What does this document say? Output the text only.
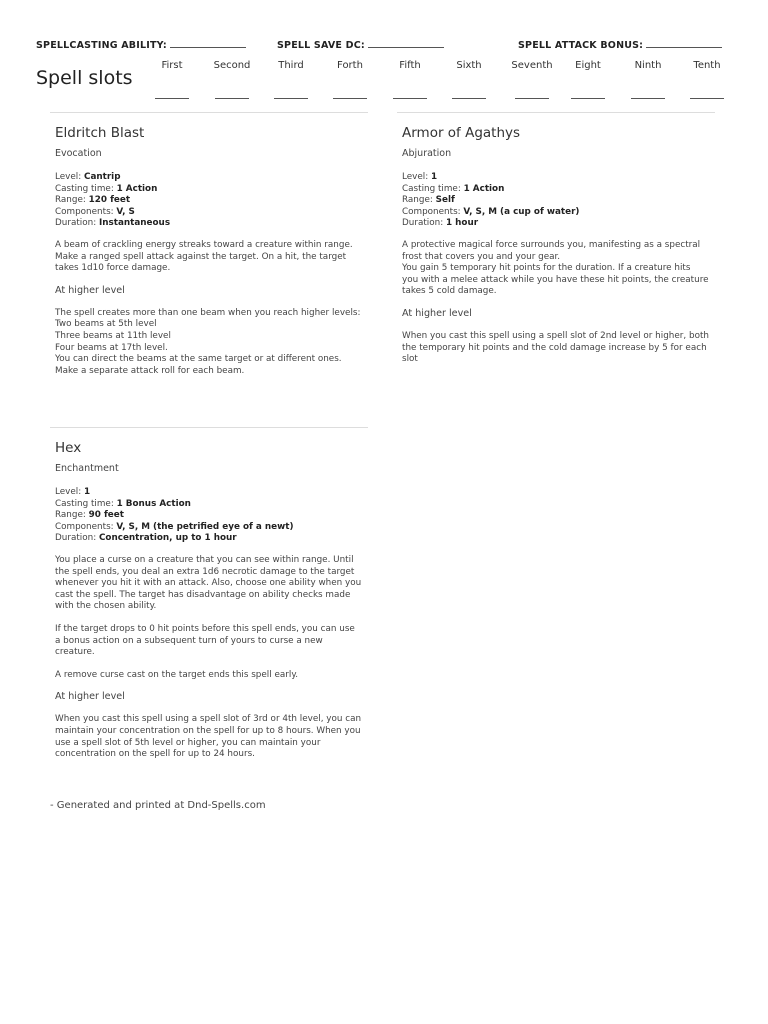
SPELLCASTING ABILITY:	SPELL SAVE DC:	SPELL ATTACK BONUS:
Spell slots
First	Second	Third	Forth	Fifth	Sixth	Seventh	Eight	Ninth	Tenth
Eldritch Blast
Evocation
Level: Cantrip
Casting time: 1 Action
Range: 120 feet
Components: V, S
Duration: Instantaneous
A beam of crackling energy streaks toward a creature within range. Make a ranged spell attack against the target. On a hit, the target takes 1d10 force damage.
At higher level
The spell creates more than one beam when you reach higher levels:
Two beams at 5th level
Three beams at 11th level
Four beams at 17th level.
You can direct the beams at the same target or at different ones. Make a separate attack roll for each beam.
Armor of Agathys
Abjuration
Level: 1
Casting time: 1 Action
Range: Self
Components: V, S, M (a cup of water)
Duration: 1 hour
A protective magical force surrounds you, manifesting as a spectral frost that covers you and your gear.
You gain 5 temporary hit points for the duration. If a creature hits you with a melee attack while you have these hit points, the creature takes 5 cold damage.
At higher level
When you cast this spell using a spell slot of 2nd level or higher, both the temporary hit points and the cold damage increase by 5 for each slot
Hex
Enchantment
Level: 1
Casting time: 1 Bonus Action
Range: 90 feet
Components: V, S, M (the petrified eye of a newt)
Duration: Concentration, up to 1 hour
You place a curse on a creature that you can see within range. Until the spell ends, you deal an extra 1d6 necrotic damage to the target whenever you hit it with an attack. Also, choose one ability when you cast the spell. The target has disadvantage on ability checks made with the chosen ability.
If the target drops to 0 hit points before this spell ends, you can use a bonus action on a subsequent turn of yours to curse a new creature.
A remove curse cast on the target ends this spell early.
At higher level
When you cast this spell using a spell slot of 3rd or 4th level, you can maintain your concentration on the spell for up to 8 hours. When you use a spell slot of 5th level or higher, you can maintain your concentration on the spell for up to 24 hours.
- Generated and printed at Dnd-Spells.com
